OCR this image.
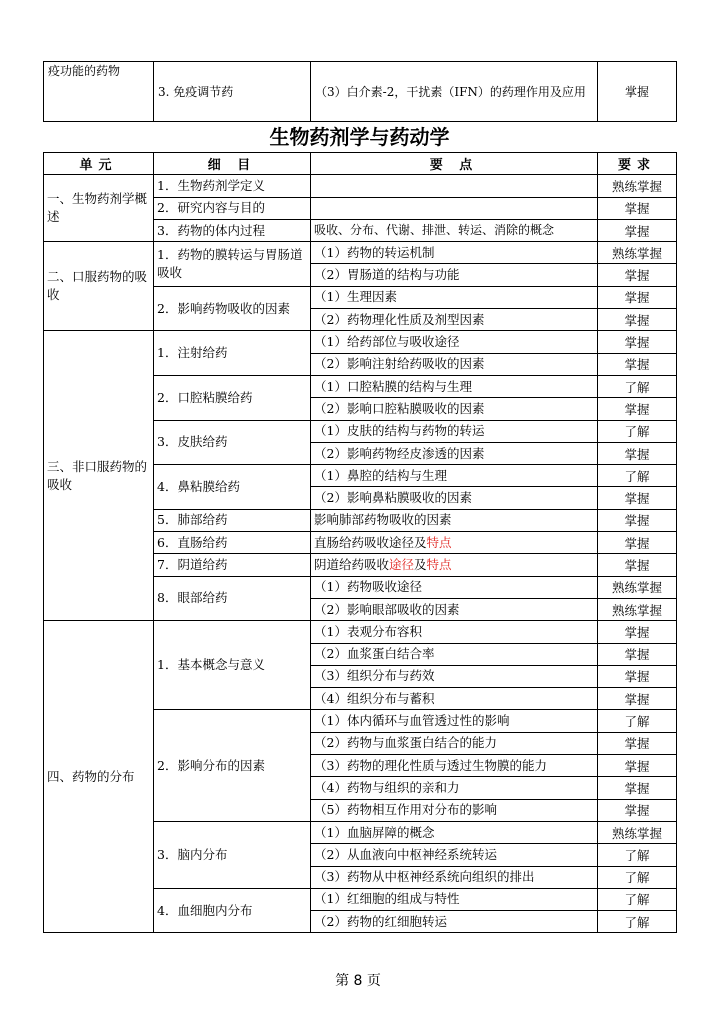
疫功能的药物	3. 免疫调节药	（3）白介素-2，干扰素（IFN）的药理作用及应用	掌握
生物药剂学与药动学
单元	细 目	要 点	要求
一、生物药剂学概述	1．生物药剂学定义		熟练掌握
	2．研究内容与目的		掌握
	3．药物的体内过程	吸收、分布、代谢、排泄、转运、消除的概念	掌握
二、口服药物的吸收	1．药物的膜转运与胃肠道吸收	（1）药物的转运机制	熟练掌握
		（2）胃肠道的结构与功能	掌握
	2．影响药物吸收的因素	（1）生理因素	掌握
		（2）药物理化性质及剂型因素	掌握
三、非口服药物的吸收	1．注射给药	（1）给药部位与吸收途径	掌握
		（2）影响注射给药吸收的因素	掌握
	2．口腔粘膜给药	（1）口腔粘膜的结构与生理	了解
		（2）影响口腔粘膜吸收的因素	掌握
	3．皮肤给药	（1）皮肤的结构与药物的转运	了解
		（2）影响药物经皮渗透的因素	掌握
	4．鼻粘膜给药	（1）鼻腔的结构与生理	了解
		（2）影响鼻粘膜吸收的因素	掌握
	5．肺部给药	影响肺部药物吸收的因素	掌握
	6．直肠给药	直肠给药吸收途径及特点	掌握
	7．阴道给药	阴道给药吸收途径及特点	掌握
	8．眼部给药	（1）药物吸收途径	熟练掌握
		（2）影响眼部吸收的因素	熟练掌握
四、药物的分布	1．基本概念与意义	（1）表观分布容积	掌握
		（2）血浆蛋白结合率	掌握
		（3）组织分布与药效	掌握
		（4）组织分布与蓄积	掌握
	2．影响分布的因素	（1）体内循环与血管透过性的影响	了解
		（2）药物与血浆蛋白结合的能力	掌握
		（3）药物的理化性质与透过生物膜的能力	掌握
		（4）药物与组织的亲和力	掌握
		（5）药物相互作用对分布的影响	掌握
	3．脑内分布	（1）血脑屏障的概念	熟练掌握
		（2）从血液向中枢神经系统转运	了解
		（3）药物从中枢神经系统向组织的排出	了解
	4．血细胞内分布	（1）红细胞的组成与特性	了解
		（2）药物的红细胞转运	了解
第 8 页
